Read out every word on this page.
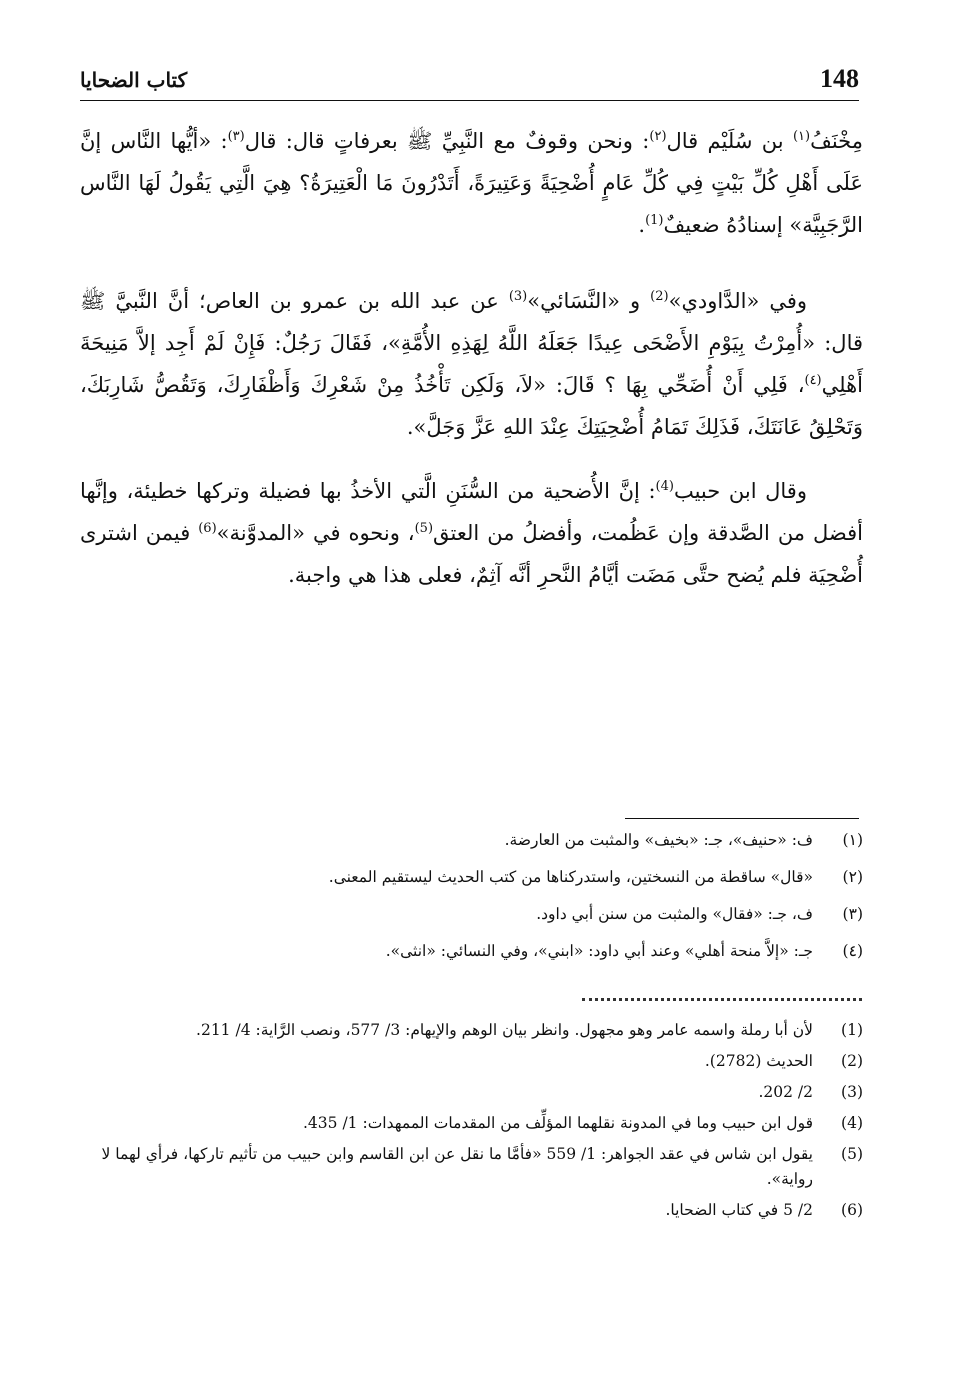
148
كتاب الضحايا

مِخْنَفُ$^{(١)}$ بن سُلَيْم قال$^{(٢)}$: ونحن وقوفٌ مع النَّبِيِّ ﷺ بعرفاتٍ قال: قال$^{(٣)}$: «أيُّها النَّاس إنَّ عَلَى أَهْلِ كُلِّ بَيْتٍ فِي كُلِّ عَامٍ أُضْحِيَةً وَعَتِيرَةً، أَتَدْرُونَ مَا الْعَتِيرَةُ؟ هِيَ الَّتِي يَقُولُ لَهَا النَّاس الرَّجَبِيَّة» إسنادُهُ ضعيفٌ$^{(1)}$.

وفي «الدَّاودي»$^{(2)}$ و «النَّسَائي»$^{(3)}$ عن عبد الله بن عمرو بن العاص؛ أنَّ النَّبيَّ ﷺ قال: «أُمِرْتُ بِيَوْمِ الأَضْحَى عِيدًا جَعَلَهُ اللَّهُ لِهَذِهِ الأُمَّةِ»، فَقَالَ رَجُلٌ: فَإِنْ لَمْ أَجِد إلاَّ مَنِيحَةَ أَهْلِي$^{(٤)}$، فَلِي أَنْ أُضَحِّي بِهَا ؟ قَالَ: «لاَ، وَلَكِن تَأْخُذُ مِنْ شَعْرِكَ وَأَظْفَارِكَ، وَتَقُصُّ شَارِبَكَ، وَتَحْلِقُ عَانَتَكَ، فَذَلِكَ تَمَامُ أُضْحِيَتِكَ عِنْدَ اللهِ عَزَّ وَجَلَّ».

وقال ابن حبيب$^{(4)}$: إنَّ الأُضحية من السُّنَنِ الَّتي الأخذُ بها فضيلة وتركها خطيئة، وإنَّها أفضل من الصَّدقة وإن عَظُمت، وأفضلُ من العتق$^{(5)}$، ونحوه في «المدوَّنة»$^{(6)}$ فيمن اشترى أُضْحِيَة فلم يُضح حتَّى مَضَت أيَّامُ النَّحرِ أنَّه آثِمٌ، فعلى هذا هي واجبة.

(١)
ف: «حنيف»، جـ: «بخيف» والمثبت من العارضة.
(٢)
«قال» ساقطة من النسختين، واستدركناها من كتب الحديث ليستقيم المعنى.
(٣)
ف، جـ: «فقال» والمثبت من سنن أبي داود.
(٤)
جـ: «إلاَّ منحة أهلي» وعند أبي داود: «ابني»، وفي النسائي: «انثى».
(1)
لأن أبا رملة واسمه عامر وهو مجهول. وانظر بيان الوهم والإيهام: 3/ 577، ونصب الرَّاية: 4/ 211.
(2)
الحديث (2782).
(3)
2/ 202.
(4)
قول ابن حبيب وما في المدونة نقلهما المؤلِّف من المقدمات الممهدات: 1/ 435.
(5)
يقول ابن شاس في عقد الجواهر: 1/ 559 «فأمَّا ما نقل عن ابن القاسم وابن حبيب من تأثيم تاركها، فرأي لهما لا رواية».
(6)
2/ 5 في كتاب الضحايا.
